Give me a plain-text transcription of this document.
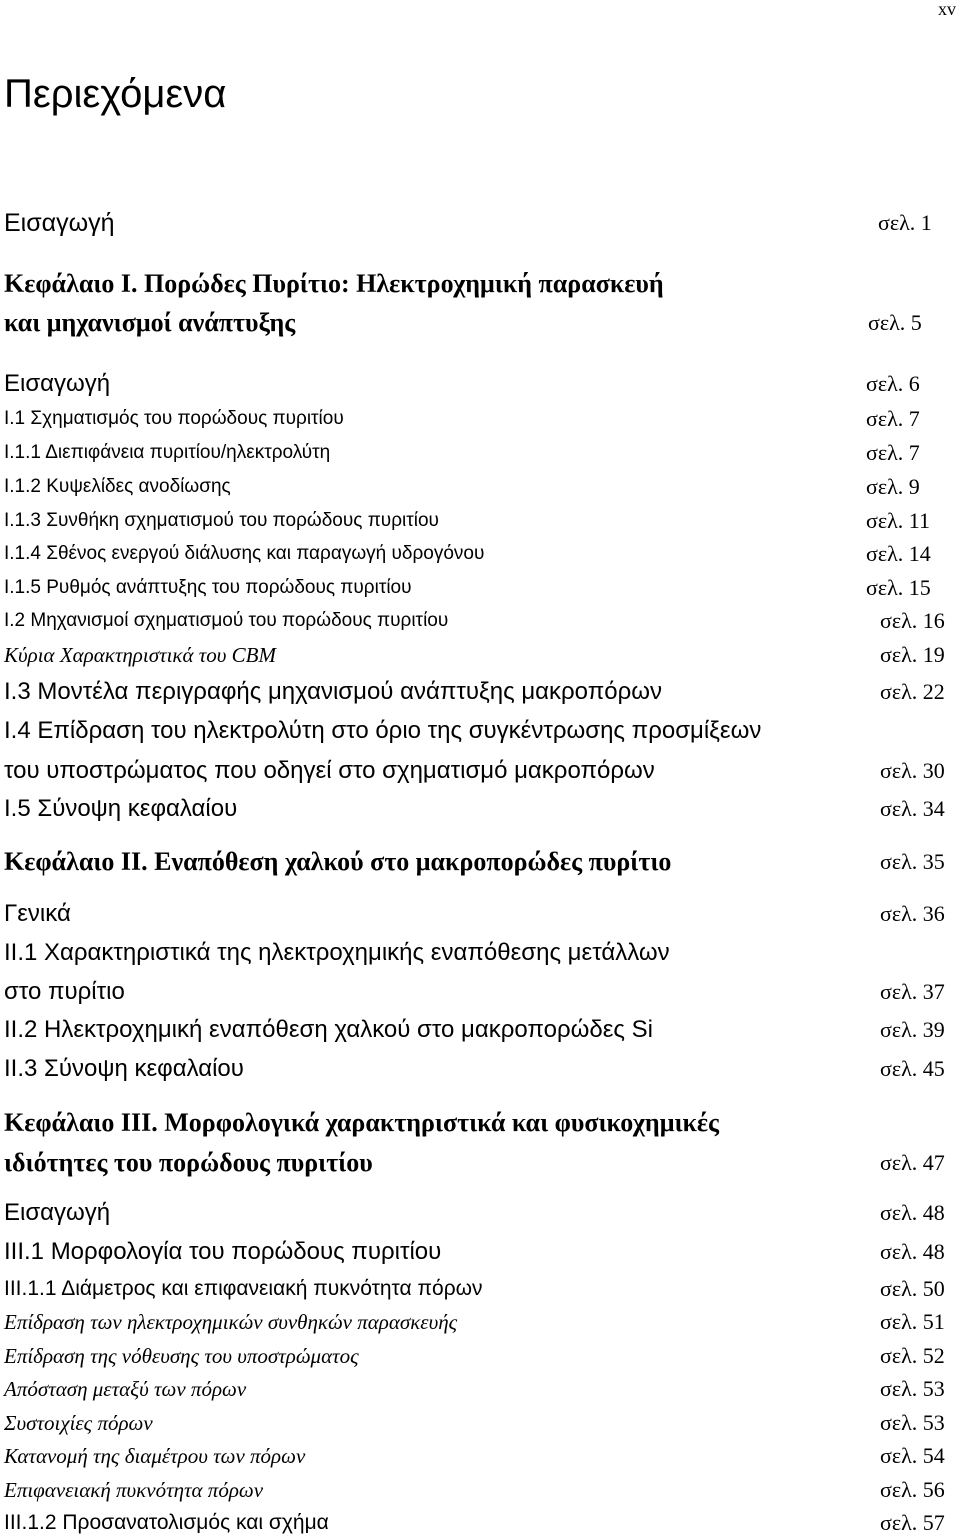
xv
Περιεχόμενα
Εισαγωγή	σελ. 1
Κεφάλαιο Ι. Πορώδες Πυρίτιο: Ηλεκτροχημική παρασκευή
και μηχανισμοί ανάπτυξης	σελ. 5
Εισαγωγή	σελ. 6
Ι.1 Σχηματισμός του πορώδους πυριτίου	σελ. 7
Ι.1.1 Διεπιφάνεια πυριτίου/ηλεκτρολύτη	σελ. 7
Ι.1.2 Κυψελίδες ανοδίωσης	σελ. 9
Ι.1.3 Συνθήκη σχηματισμού του πορώδους πυριτίου	σελ. 11
Ι.1.4 Σθένος ενεργού διάλυσης και παραγωγή υδρογόνου	σελ. 14
Ι.1.5 Ρυθμός ανάπτυξης του πορώδους πυριτίου	σελ. 15
Ι.2 Μηχανισμοί σχηματισμού του πορώδους πυριτίου	σελ. 16
Κύρια Χαρακτηριστικά του CBM	σελ. 19
Ι.3 Μοντέλα περιγραφής μηχανισμού ανάπτυξης μακροπόρων	σελ. 22
Ι.4 Επίδραση του ηλεκτρολύτη στο όριο της συγκέντρωσης προσμίξεων
του υποστρώματος που οδηγεί στο σχηματισμό μακροπόρων	σελ. 30
Ι.5 Σύνοψη κεφαλαίου	σελ. 34
Κεφάλαιο ΙΙ. Εναπόθεση χαλκού στο μακροπορώδες πυρίτιο	σελ. 35
Γενικά	σελ. 36
ΙΙ.1 Χαρακτηριστικά της ηλεκτροχημικής εναπόθεσης μετάλλων
στο πυρίτιο	σελ. 37
ΙΙ.2 Ηλεκτροχημική εναπόθεση χαλκού στο μακροπορώδες Si	σελ. 39
ΙΙ.3 Σύνοψη κεφαλαίου	σελ. 45
Κεφάλαιο ΙΙΙ. Μορφολογικά χαρακτηριστικά και φυσικοχημικές
ιδιότητες του πορώδους πυριτίου	σελ. 47
Εισαγωγή	σελ. 48
ΙΙΙ.1 Μορφολογία του πορώδους πυριτίου	σελ. 48
ΙΙΙ.1.1 Διάμετρος και επιφανειακή πυκνότητα πόρων	σελ. 50
Επίδραση των ηλεκτροχημικών συνθηκών παρασκευής	σελ. 51
Επίδραση της νόθευσης του υποστρώματος	σελ. 52
Απόσταση μεταξύ των πόρων	σελ. 53
Συστοιχίες πόρων	σελ. 53
Κατανομή της διαμέτρου των πόρων	σελ. 54
Επιφανειακή πυκνότητα πόρων	σελ. 56
ΙΙΙ.1.2 Προσανατολισμός και σχήμα	σελ. 57
